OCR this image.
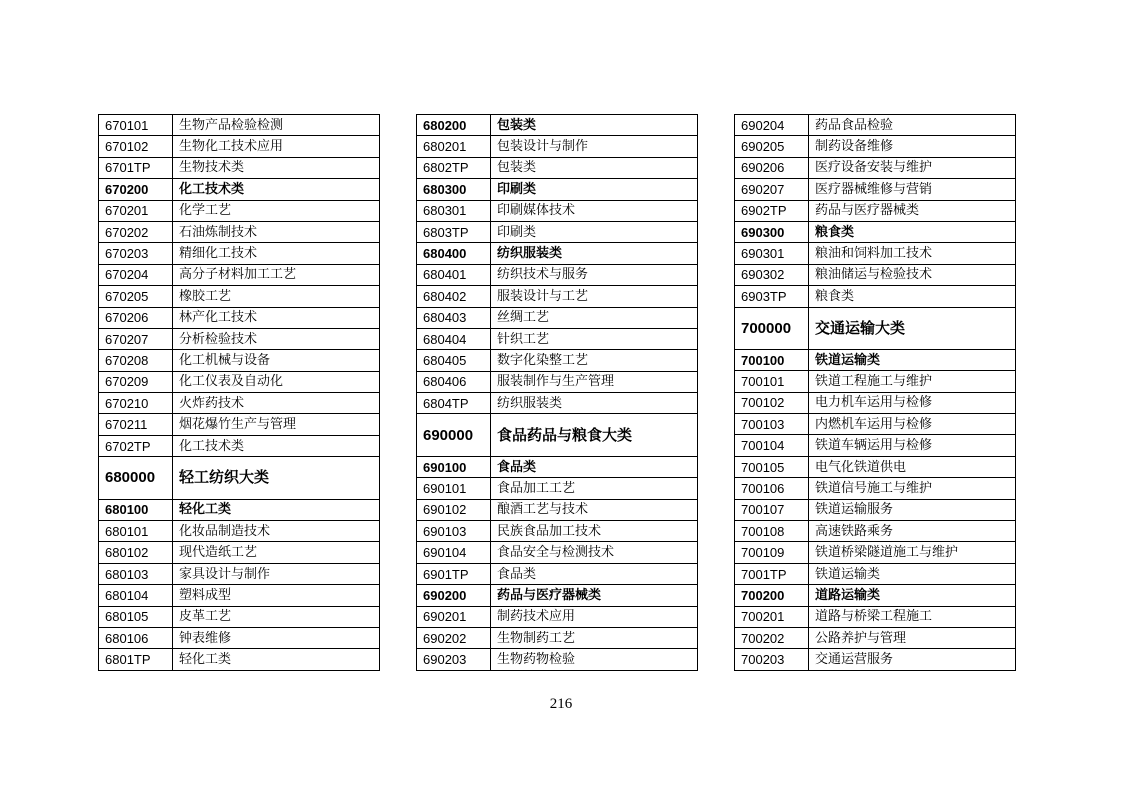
670101	生物产品检验检测
670102	生物化工技术应用
6701TP	生物技术类
670200	化工技术类
670201	化学工艺
670202	石油炼制技术
670203	精细化工技术
670204	高分子材料加工工艺
670205	橡胶工艺
670206	林产化工技术
670207	分析检验技术
670208	化工机械与设备
670209	化工仪表及自动化
670210	火炸药技术
670211	烟花爆竹生产与管理
6702TP	化工技术类
680000	轻工纺织大类
680100	轻化工类
680101	化妆品制造技术
680102	现代造纸工艺
680103	家具设计与制作
680104	塑料成型
680105	皮革工艺
680106	钟表维修
6801TP	轻化工类
680200	包装类
680201	包装设计与制作
6802TP	包装类
680300	印刷类
680301	印刷媒体技术
6803TP	印刷类
680400	纺织服装类
680401	纺织技术与服务
680402	服装设计与工艺
680403	丝绸工艺
680404	针织工艺
680405	数字化染整工艺
680406	服装制作与生产管理
6804TP	纺织服装类
690000	食品药品与粮食大类
690100	食品类
690101	食品加工工艺
690102	酿酒工艺与技术
690103	民族食品加工技术
690104	食品安全与检测技术
6901TP	食品类
690200	药品与医疗器械类
690201	制药技术应用
690202	生物制药工艺
690203	生物药物检验
690204	药品食品检验
690205	制药设备维修
690206	医疗设备安装与维护
690207	医疗器械维修与营销
6902TP	药品与医疗器械类
690300	粮食类
690301	粮油和饲料加工技术
690302	粮油储运与检验技术
6903TP	粮食类
700000	交通运输大类
700100	铁道运输类
700101	铁道工程施工与维护
700102	电力机车运用与检修
700103	内燃机车运用与检修
700104	铁道车辆运用与检修
700105	电气化铁道供电
700106	铁道信号施工与维护
700107	铁道运输服务
700108	高速铁路乘务
700109	铁道桥梁隧道施工与维护
7001TP	铁道运输类
700200	道路运输类
700201	道路与桥梁工程施工
700202	公路养护与管理
700203	交通运营服务
216
